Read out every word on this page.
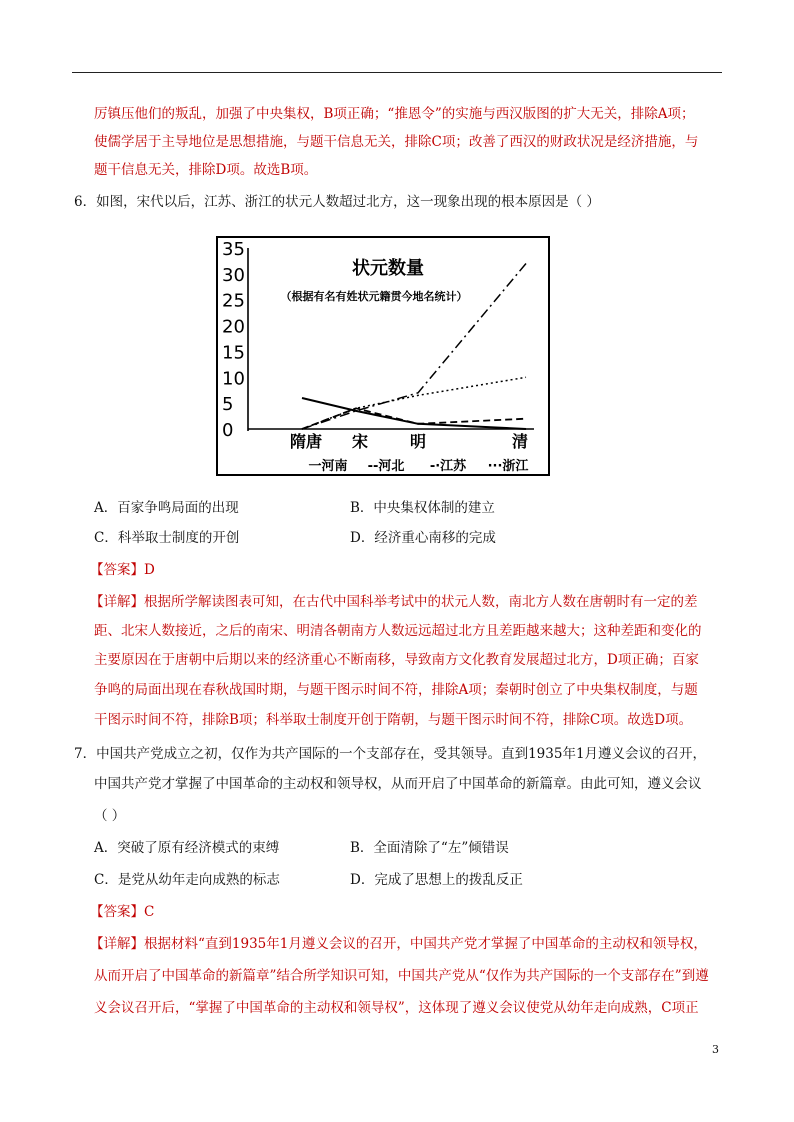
厉镇压他们的叛乱，加强了中央集权，B项正确；“推恩令”的实施与西汉版图的扩大无关，排除A项；
使儒学居于主导地位是思想措施，与题干信息无关，排除C项；改善了西汉的财政状况是经济措施，与
题干信息无关，排除D项。故选B项。
6．如图，宋代以后，江苏、浙江的状元人数超过北方，这一现象出现的根本原因是（ ）
状元数量
（根据有名有姓状元籍贯今地名统计）
0
5
10
15
20
25
30
35
隋唐 宋	明	清
一河南 --河北 -·江苏 ···浙江
A．百家争鸣局面的出现	B．中央集权体制的建立
C．科举取士制度的开创	D．经济重心南移的完成
【答案】D
【详解】根据所学解读图表可知，在古代中国科举考试中的状元人数，南北方人数在唐朝时有一定的差
距、北宋人数接近，之后的南宋、明清各朝南方人数远远超过北方且差距越来越大；这种差距和变化的
主要原因在于唐朝中后期以来的经济重心不断南移，导致南方文化教育发展超过北方，D项正确；百家
争鸣的局面出现在春秋战国时期，与题干图示时间不符，排除A项；秦朝时创立了中央集权制度，与题
干图示时间不符，排除B项；科举取士制度开创于隋朝，与题干图示时间不符，排除C项。故选D项。
7．中国共产党成立之初，仅作为共产国际的一个支部存在，受其领导。直到1935年1月遵义会议的召开，
中国共产党才掌握了中国革命的主动权和领导权，从而开启了中国革命的新篇章。由此可知，遵义会议
（ ）
A．突破了原有经济模式的束缚	B．全面清除了“左”倾错误
C．是党从幼年走向成熟的标志	D．完成了思想上的拨乱反正
【答案】C
【详解】根据材料“直到1935年1月遵义会议的召开，中国共产党才掌握了中国革命的主动权和领导权，
从而开启了中国革命的新篇章”结合所学知识可知，中国共产党从“仅作为共产国际的一个支部存在”到遵
义会议召开后，“掌握了中国革命的主动权和领导权”，这体现了遵义会议使党从幼年走向成熟，C项正
3
